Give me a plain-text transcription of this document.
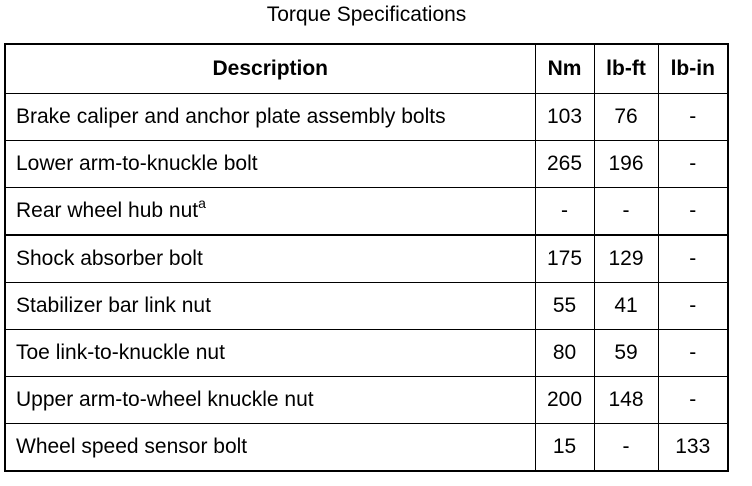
Torque Specifications
Description	Nm	lb-ft	lb-in
Brake caliper and anchor plate assembly bolts	103	76	-
Lower arm-to-knuckle bolt	265	196	-
Rear wheel hub nut$^a$	-	-	-
Shock absorber bolt	175	129	-
Stabilizer bar link nut	55	41	-
Toe link-to-knuckle nut	80	59	-
Upper arm-to-wheel knuckle nut	200	148	-
Wheel speed sensor bolt	15	-	133
